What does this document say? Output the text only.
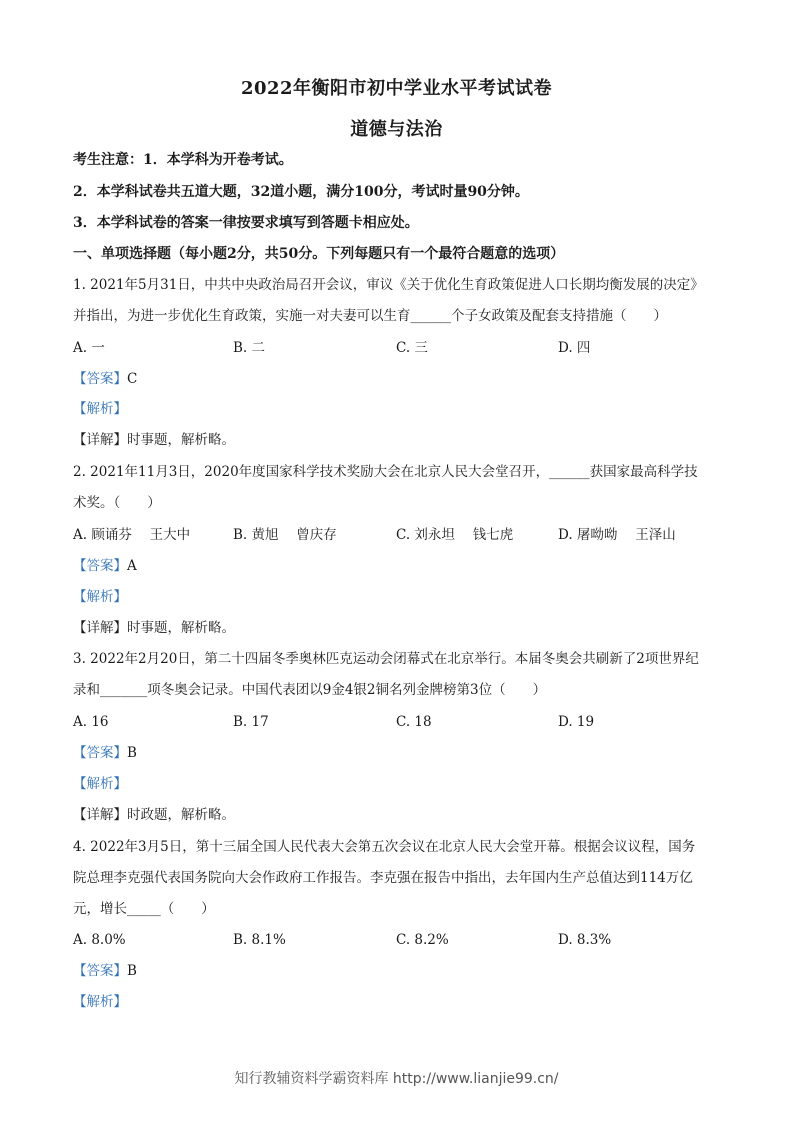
2022年衡阳市初中学业水平考试试卷
道德与法治
考生注意：1．本学科为开卷考试。
2．本学科试卷共五道大题，32道小题，满分100分，考试时量90分钟。
3．本学科试卷的答案一律按要求填写到答题卡相应处。
一、单项选择题（每小题2分，共50分。下列每题只有一个最符合题意的选项）
1. 2021年5月31日，中共中央政治局召开会议，审议《关于优化生育政策促进人口长期均衡发展的决定》
并指出，为进一步优化生育政策，实施一对夫妻可以生育______个子女政策及配套支持措施（　　）
A. 一	B. 二	C. 三	D. 四
【答案】C
【解析】
【详解】时事题，解析略。
2. 2021年11月3日，2020年度国家科学技术奖励大会在北京人民大会堂召开，______获国家最高科学技
术奖。（　　）
A. 顾诵芬　 王大中	B. 黄旭　 曾庆存	C. 刘永坦　 钱七虎	D. 屠呦呦　 王泽山
【答案】A
【解析】
【详解】时事题，解析略。
3. 2022年2月20日，第二十四届冬季奥林匹克运动会闭幕式在北京举行。本届冬奥会共刷新了2项世界纪
录和_______项冬奥会记录。中国代表团以9金4银2铜名列金牌榜第3位（　　）
A. 16	B. 17	C. 18	D. 19
【答案】B
【解析】
【详解】时政题，解析略。
4. 2022年3月5日，第十三届全国人民代表大会第五次会议在北京人民大会堂开幕。根据会议议程，国务
院总理李克强代表国务院向大会作政府工作报告。李克强在报告中指出，去年国内生产总值达到114万亿
元，增长_____（　　）
A. 8.0%	B. 8.1%	C. 8.2%	D. 8.3%
【答案】B
【解析】
知行教辅资料学霸资料库 http://www.lianjie99.cn/
